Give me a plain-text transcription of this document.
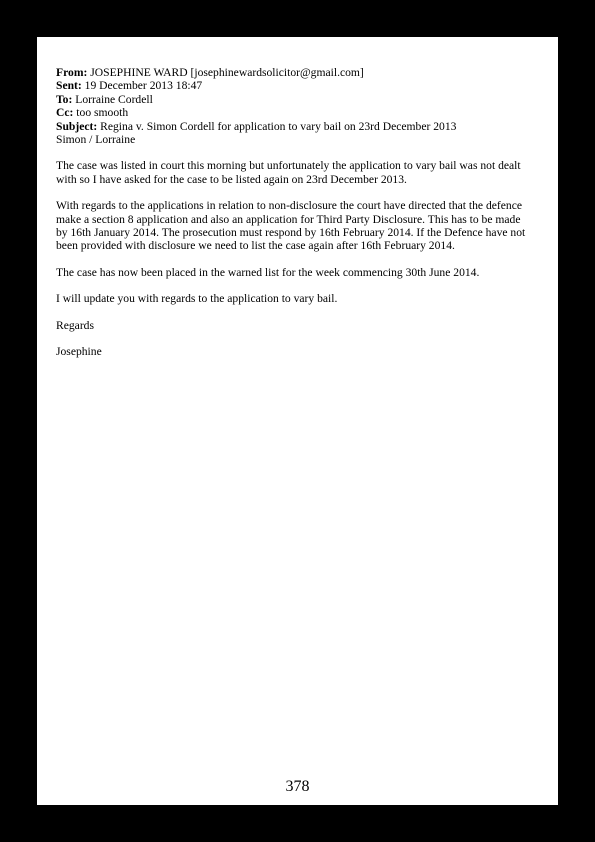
From: JOSEPHINE WARD [josephinewardsolicitor@gmail.com]
Sent: 19 December 2013 18:47
To: Lorraine Cordell
Cc: too smooth
Subject: Regina v. Simon Cordell for application to vary bail on 23rd December 2013
Simon / Lorraine

The case was listed in court this morning but unfortunately the application to vary bail was not dealt

with so I have asked for the case to be listed again on 23rd December 2013.

With regards to the applications in relation to non-disclosure the court have directed that the defence

make a section 8 application and also an application for Third Party Disclosure. This has to be made

by 16th January 2014. The prosecution must respond by 16th February 2014. If the Defence have not

been provided with disclosure we need to list the case again after 16th February 2014.

The case has now been placed in the warned list for the week commencing 30th June 2014.

I will update you with regards to the application to vary bail.

Regards

Josephine

378
